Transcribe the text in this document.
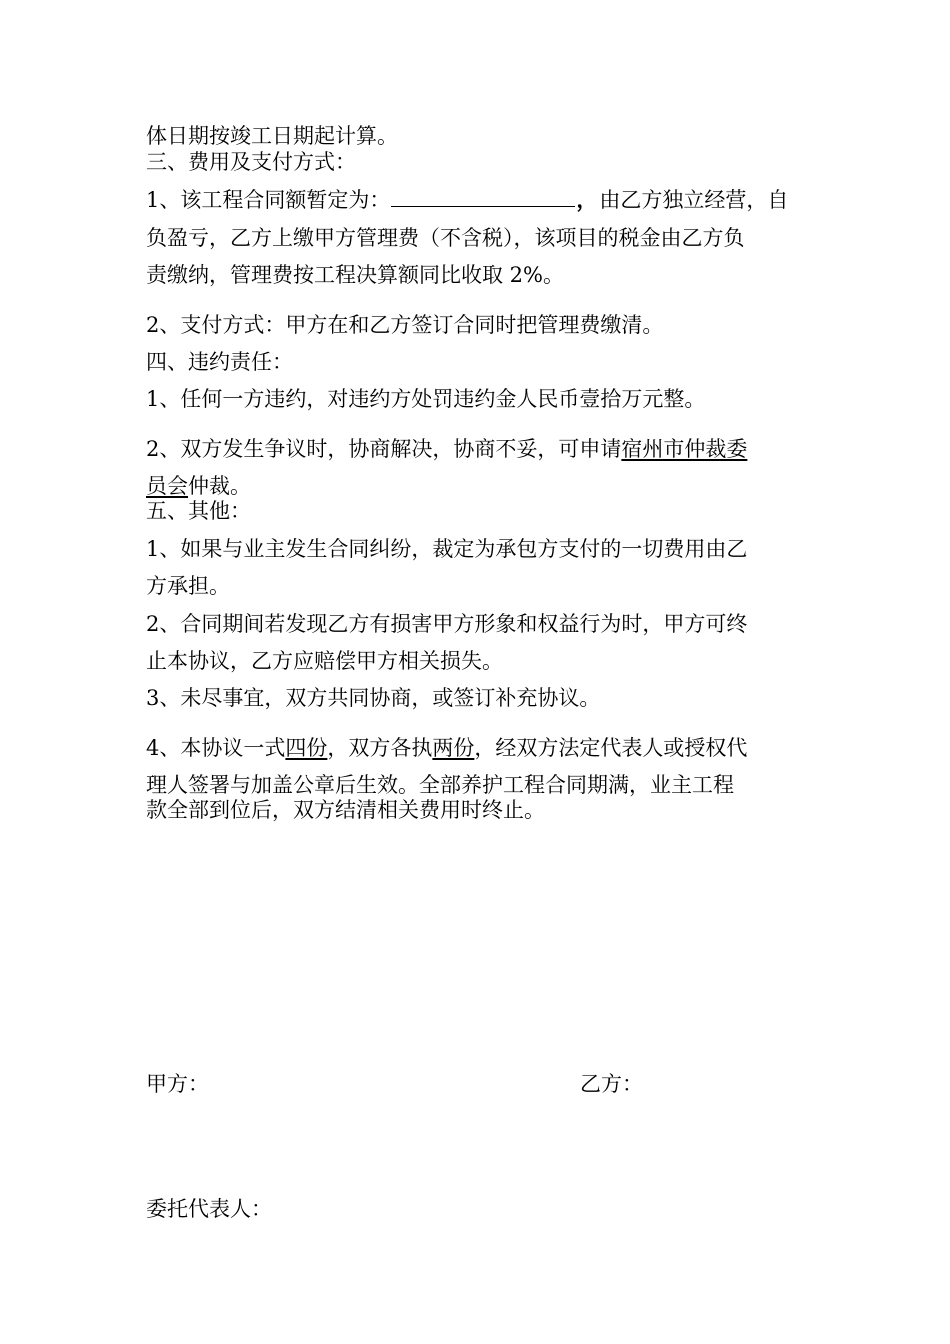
体日期按竣工日期起计算。
三、费用及支付方式：
1、该工程合同额暂定为：	，由乙方独立经营，自
负盈亏，乙方上缴甲方管理费（不含税），该项目的税金由乙方负
责缴纳，管理费按工程决算额同比收取 2%。
2、支付方式：甲方在和乙方签订合同时把管理费缴清。
四、违约责任：
1、任何一方违约，对违约方处罚违约金人民币壹拾万元整。
2、双方发生争议时，协商解决，协商不妥，可申请宿州市仲裁委
员会仲裁。
五、其他：
1、如果与业主发生合同纠纷，裁定为承包方支付的一切费用由乙
方承担。
2、合同期间若发现乙方有损害甲方形象和权益行为时，甲方可终
止本协议，乙方应赔偿甲方相关损失。
3、未尽事宜，双方共同协商，或签订补充协议。
4、本协议一式四份，双方各执两份，经双方法定代表人或授权代
理人签署与加盖公章后生效。全部养护工程合同期满，业主工程
款全部到位后，双方结清相关费用时终止。
甲方：	乙方：
委托代表人：
